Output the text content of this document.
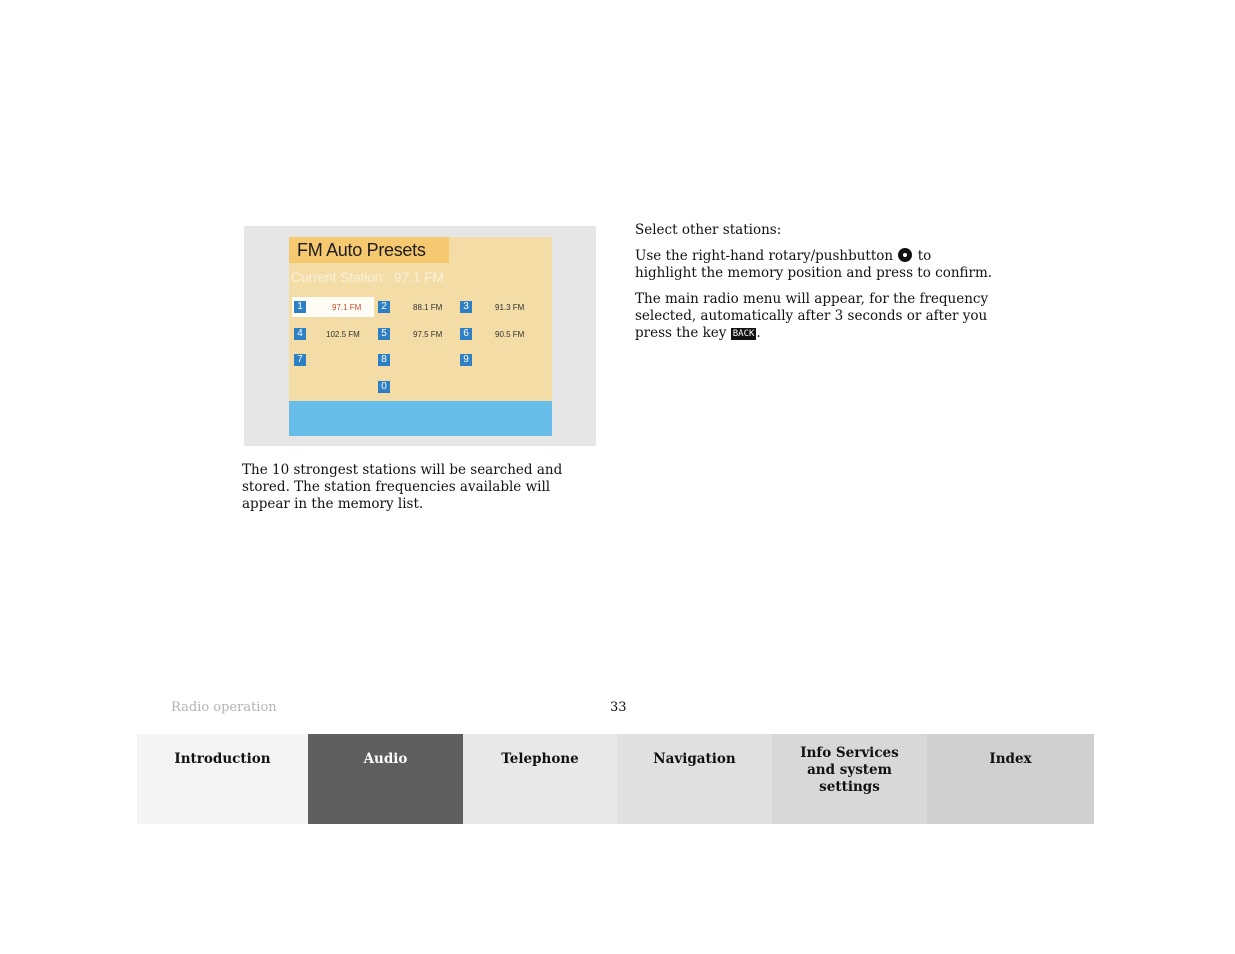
FM Auto Presets
Current Station: 97.1 FM
1	97.1 FM	2	88.1 FM	3	91.3 FM
4	102.5 FM	5	97.5 FM	6	90.5 FM
7	8	9
0

The 10 strongest stations will be searched and stored. The station frequencies available will appear in the memory list.

Select other stations:

Use the right-hand rotary/pushbutton to highlight the memory position and press to confirm.

The main radio menu will appear, for the frequency selected, automatically after 3 seconds or after you press the key BACK .

Radio operation	33
Introduction	Audio	Telephone	Navigation	Info Services and system settings
Index
